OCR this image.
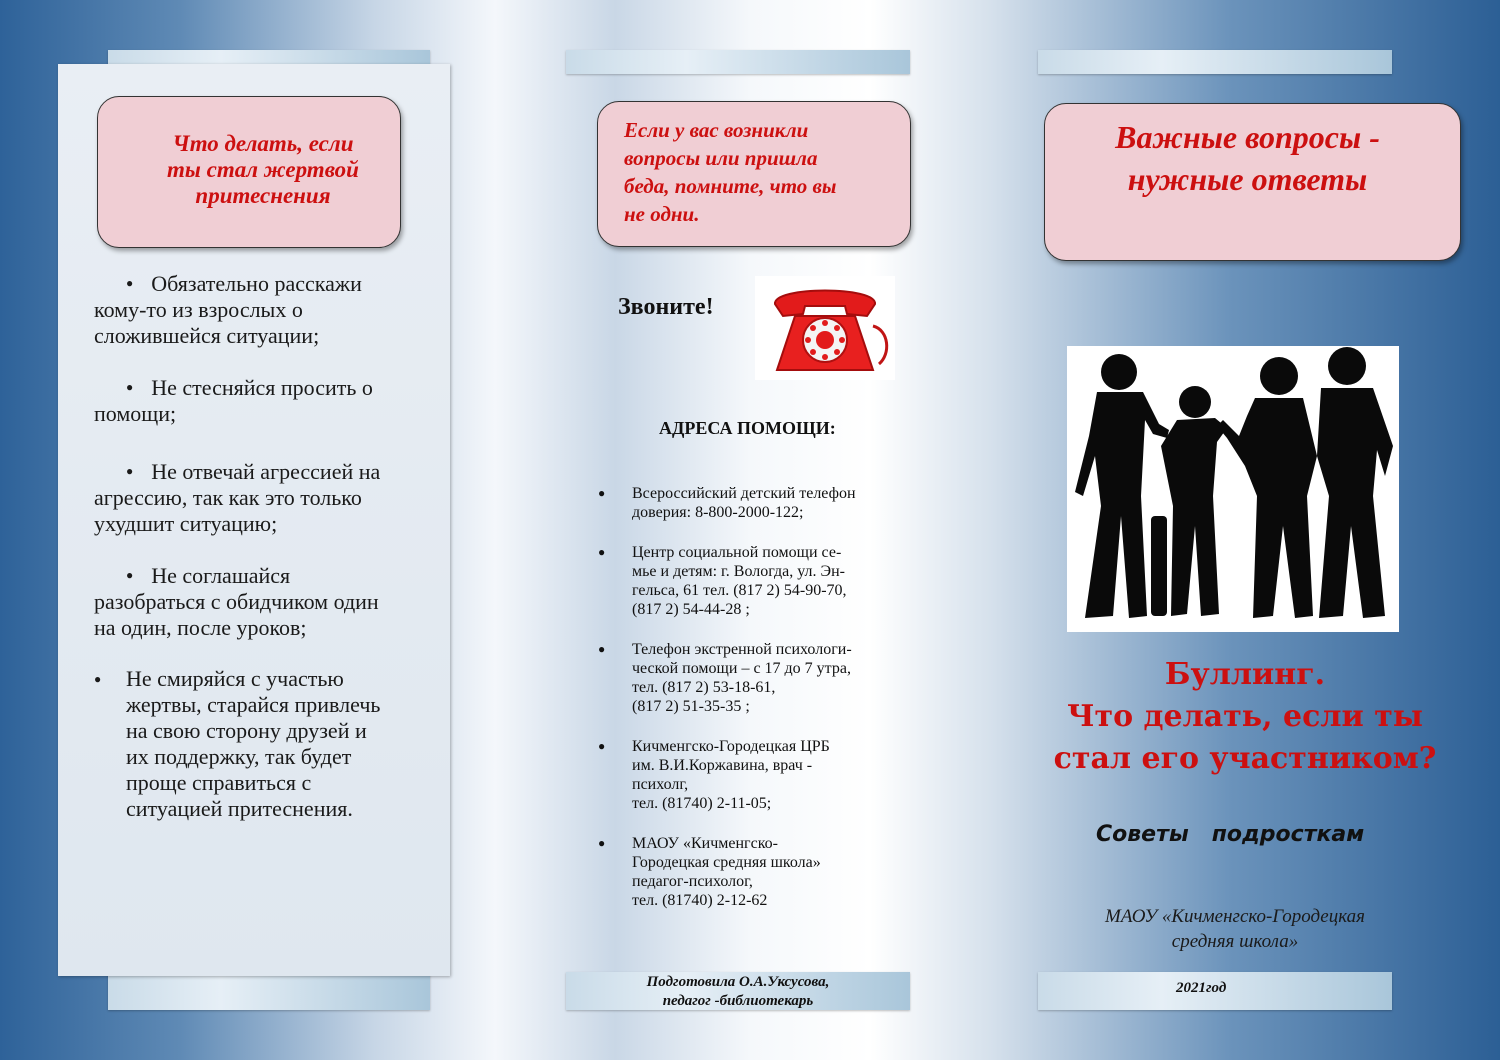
Что делать, если
ты стал жертвой
притеснения
● Обязательно расскажи
кому-то из взрослых о
сложившейся ситуации;
● Не стесняйся просить о
помощи;
● Не отвечай агрессией на
агрессию, так как это только
ухудшит ситуацию;
● Не соглашайся
разобраться с обидчиком один
на один, после уроков;
● Не смиряйся с участью
жертвы, старайся привлечь
на свою сторону друзей и
их поддержку, так будет
проще справиться с
ситуацией притеснения.
Если у вас возникли
вопросы или пришла
беда, помните, что вы
не одни.
Звоните!
АДРЕСА ПОМОЩИ:
● Всероссийский детский телефон
доверия: 8-800-2000-122;
● Центр социальной помощи се-
мье и детям: г. Вологда, ул. Эн-
гельса, 61 тел. (817 2) 54-90-70,
(817 2) 54-44-28 ;
● Телефон экстренной психологи-
ческой помощи – с 17 до 7 утра,
тел. (817 2) 53-18-61,
(817 2) 51-35-35 ;
● Кичменгско-Городецкая ЦРБ
им. В.И.Коржавина, врач -
психолг,
тел. (81740) 2-11-05;
● МАОУ «Кичменгско-
Городецкая средняя школа»
педагог-психолог,
тел. (81740) 2-12-62
Подготовила О.А.Уксусова,
педагог -библиотекарь
Важные вопросы -
нужные ответы
Буллинг.
Что делать, если ты
стал его участником?
Советы   подросткам
МАОУ «Кичменгско-Городецкая
средняя школа»
2021год
